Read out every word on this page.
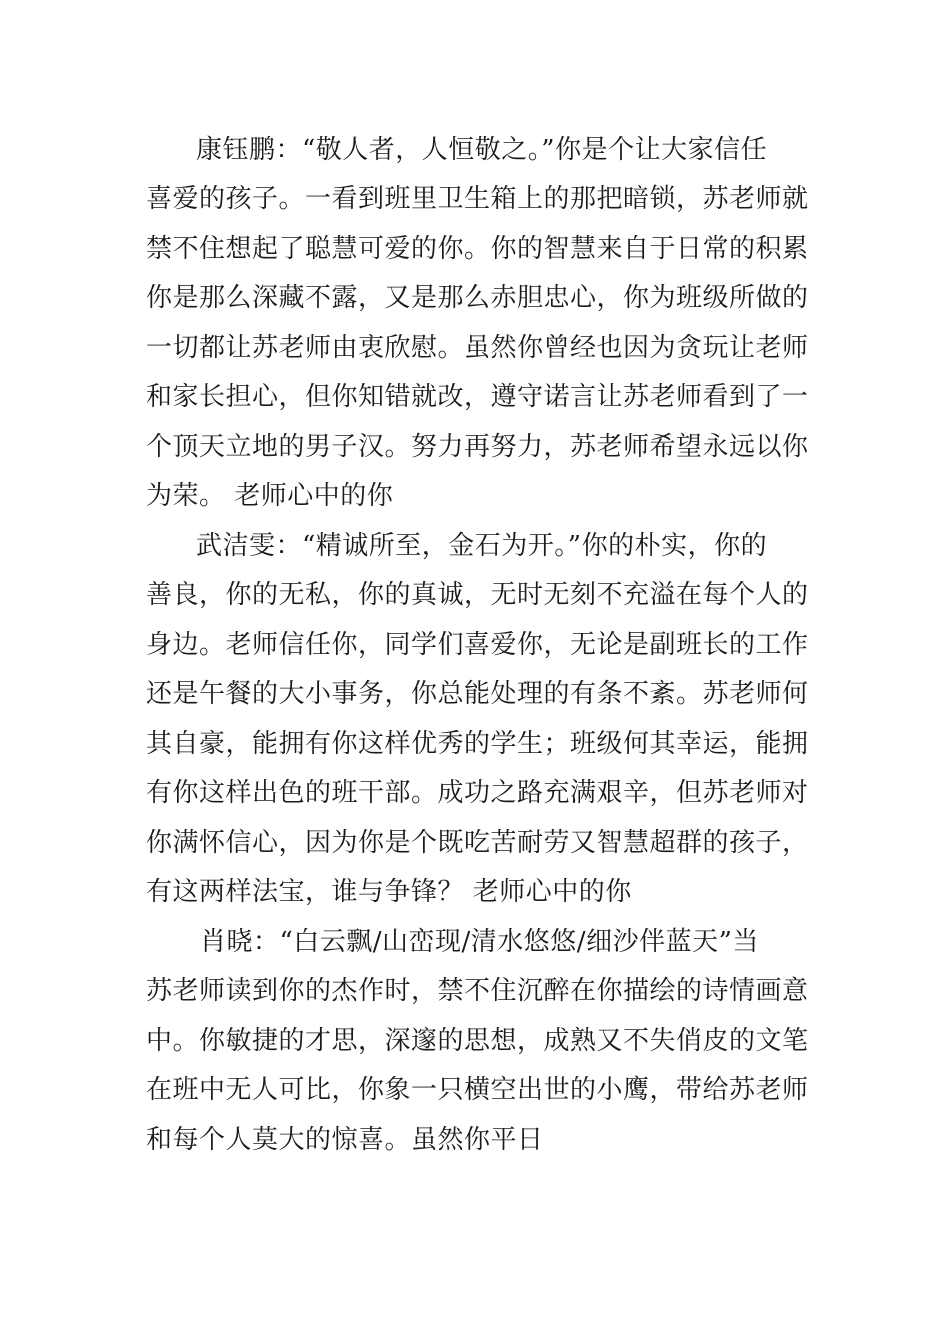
康钰鹏：“敬人者，人恒敬之。”你是个让大家信任
喜爱的孩子。一看到班里卫生箱上的那把暗锁，苏老师就
禁不住想起了聪慧可爱的你。你的智慧来自于日常的积累
你是那么深藏不露，又是那么赤胆忠心，你为班级所做的
一切都让苏老师由衷欣慰。虽然你曾经也因为贪玩让老师
和家长担心，但你知错就改，遵守诺言让苏老师看到了一
个顶天立地的男子汉。努力再努力，苏老师希望永远以你
为荣。 老师心中的你
武洁雯：“精诚所至，金石为开。”你的朴实，你的
善良，你的无私，你的真诚，无时无刻不充溢在每个人的
身边。老师信任你，同学们喜爱你，无论是副班长的工作
还是午餐的大小事务，你总能处理的有条不紊。苏老师何
其自豪，能拥有你这样优秀的学生；班级何其幸运，能拥
有你这样出色的班干部。成功之路充满艰辛，但苏老师对
你满怀信心，因为你是个既吃苦耐劳又智慧超群的孩子，
有这两样法宝，谁与争锋？ 老师心中的你
肖晓：“白云飘/山峦现/清水悠悠/细沙伴蓝天”当
苏老师读到你的杰作时，禁不住沉醉在你描绘的诗情画意
中。你敏捷的才思，深邃的思想，成熟又不失俏皮的文笔
在班中无人可比，你象一只横空出世的小鹰，带给苏老师
和每个人莫大的惊喜。虽然你平日
